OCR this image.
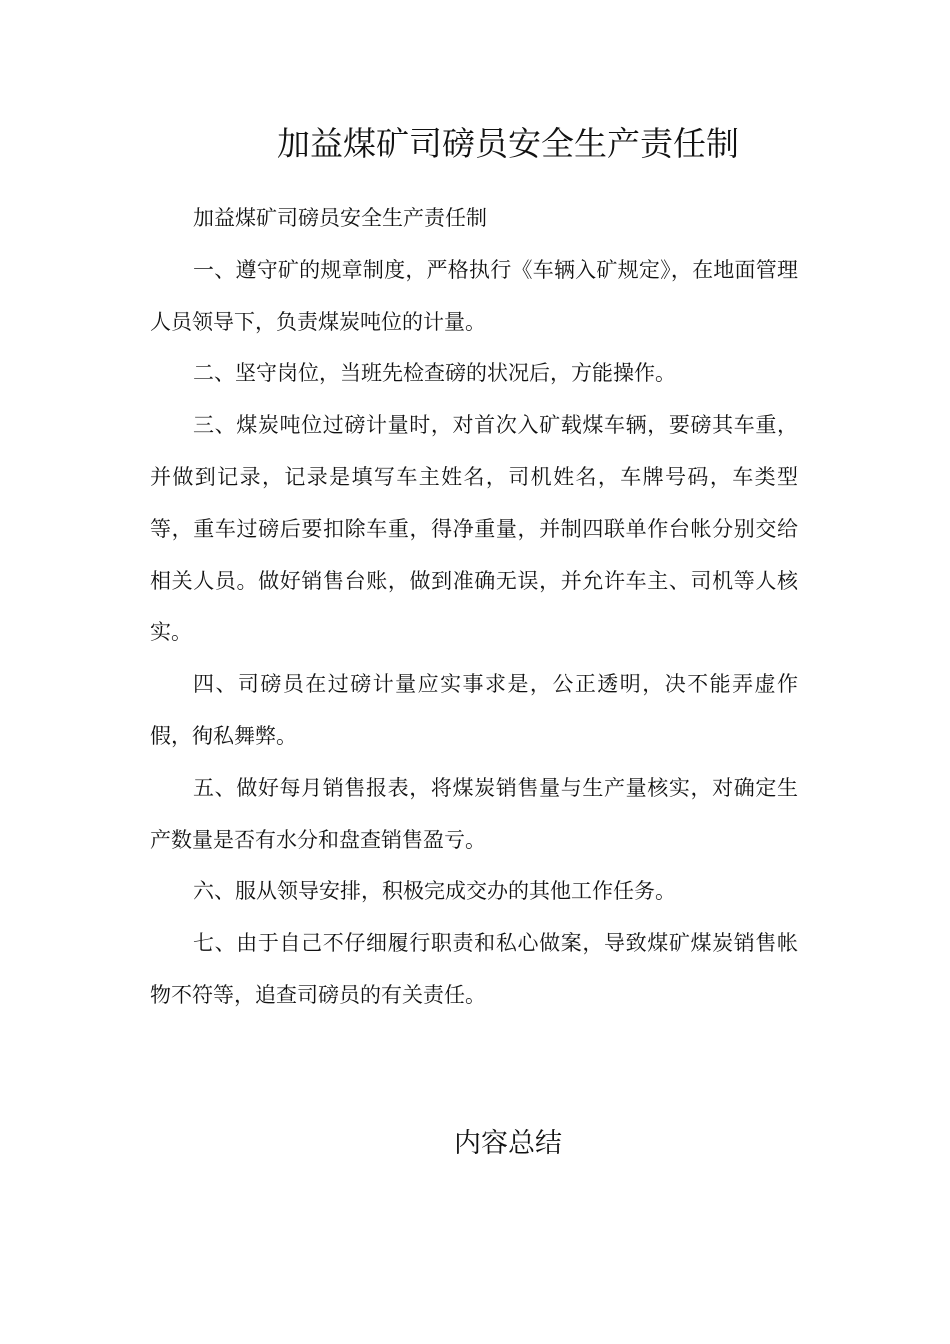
加益煤矿司磅员安全生产责任制

加益煤矿司磅员安全生产责任制

一、遵守矿的规章制度，严格执行《车辆入矿规定》，在地面管理人员领导下，负责煤炭吨位的计量。

二、坚守岗位，当班先检查磅的状况后，方能操作。

三、煤炭吨位过磅计量时，对首次入矿载煤车辆，要磅其车重，并做到记录，记录是填写车主姓名，司机姓名，车牌号码，车类型等，重车过磅后要扣除车重，得净重量，并制四联单作台帐分别交给相关人员。做好销售台账，做到准确无误，并允许车主、司机等人核实。

四、司磅员在过磅计量应实事求是，公正透明，决不能弄虚作假，徇私舞弊。

五、做好每月销售报表，将煤炭销售量与生产量核实，对确定生产数量是否有水分和盘查销售盈亏。

六、服从领导安排，积极完成交办的其他工作任务。

七、由于自己不仔细履行职责和私心做案，导致煤矿煤炭销售帐物不符等，追查司磅员的有关责任。

内容总结
